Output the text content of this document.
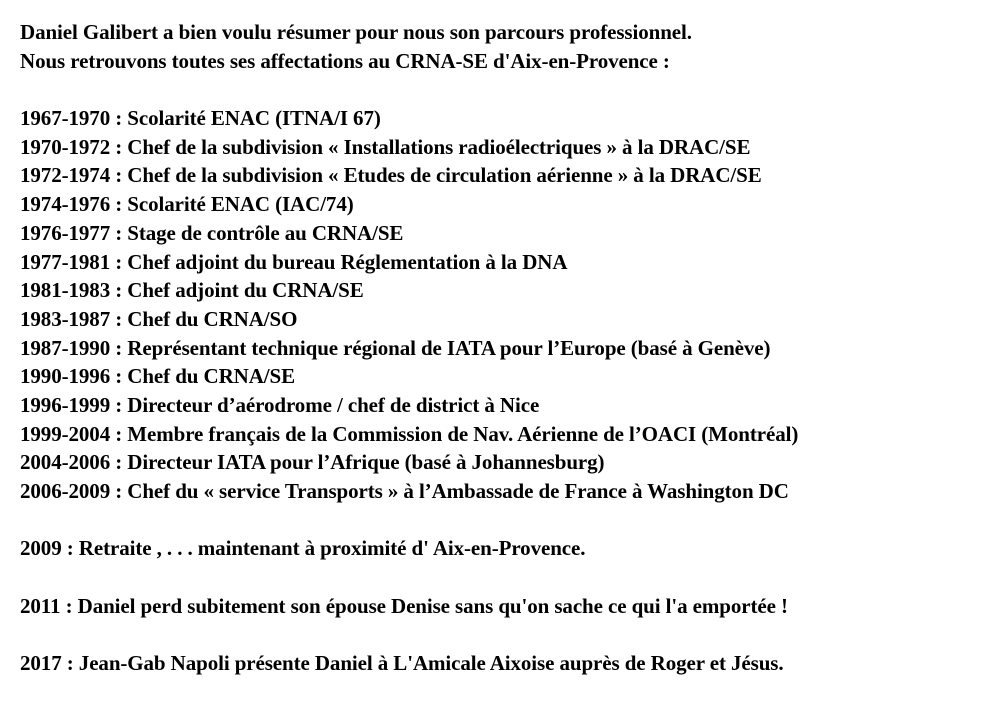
Daniel Galibert a bien voulu résumer pour nous son parcours professionnel.
Nous retrouvons toutes ses affectations au CRNA-SE d'Aix-en-Provence :
1967-1970 : Scolarité ENAC (ITNA/I 67)
1970-1972 : Chef de la subdivision « Installations radioélectriques » à la DRAC/SE
1972-1974 : Chef de la subdivision « Etudes de circulation aérienne » à la DRAC/SE
1974-1976 : Scolarité ENAC (IAC/74)
1976-1977 : Stage de contrôle au CRNA/SE
1977-1981 : Chef adjoint du bureau Réglementation à la DNA
1981-1983 : Chef adjoint du CRNA/SE
1983-1987 : Chef du CRNA/SO
1987-1990 : Représentant technique régional de IATA pour l’Europe (basé à Genève)
1990-1996 : Chef du CRNA/SE
1996-1999 : Directeur d’aérodrome / chef de district à Nice
1999-2004 : Membre français de la Commission de Nav. Aérienne de l’OACI (Montréal)
2004-2006 : Directeur IATA pour l’Afrique (basé à Johannesburg)
2006-2009 : Chef du « service Transports » à l’Ambassade de France à Washington DC
2009 : Retraite , . . . maintenant à proximité d' Aix-en-Provence.
2011 : Daniel perd subitement son épouse Denise sans qu'on sache ce qui l'a emportée !
2017 : Jean-Gab Napoli présente Daniel à L'Amicale Aixoise auprès de Roger et Jésus.
